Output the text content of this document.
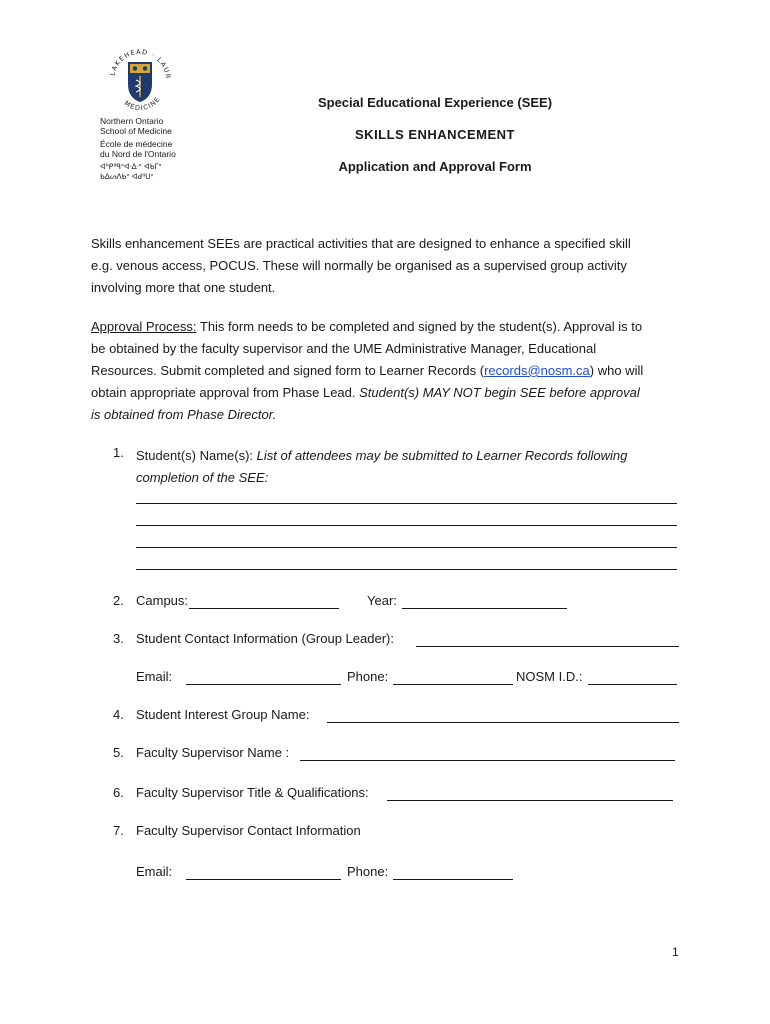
LAKEHEAD · LAUR
MEDICINE
Northern Ontario
School of Medicine
École de médecine
du Nord de l'Ontario
ᐊᐦᑭᐦᑫᐤᐊᐧᐃᐧᐣ ᐊᑲᒥᐤ
ᑲᐃᔕᐱᑲᐣ ᐊᑯᐦᑌᐢ
Special Educational Experience (SEE)
SKILLS ENHANCEMENT
Application and Approval Form
Skills enhancement SEEs are practical activities that are designed to enhance a specified skill
e.g. venous access, POCUS. These will normally be organised as a supervised group activity
involving more that one student.
Approval Process: This form needs to be completed and signed by the student(s). Approval is to
be obtained by the faculty supervisor and the UME Administrative Manager, Educational
Resources. Submit completed and signed form to Learner Records (records@nosm.ca) who will
obtain appropriate approval from Phase Lead. Student(s) MAY NOT begin SEE before approval
is obtained from Phase Director.
1. Student(s) Name(s): List of attendees may be submitted to Learner Records following
completion of the SEE:
2. Campus:	Year:
3. Student Contact Information (Group Leader):
Email:	Phone:	NOSM I.D.:
4. Student Interest Group Name:
5. Faculty Supervisor Name :
6. Faculty Supervisor Title & Qualifications:
7. Faculty Supervisor Contact Information
Email:	Phone:
1
